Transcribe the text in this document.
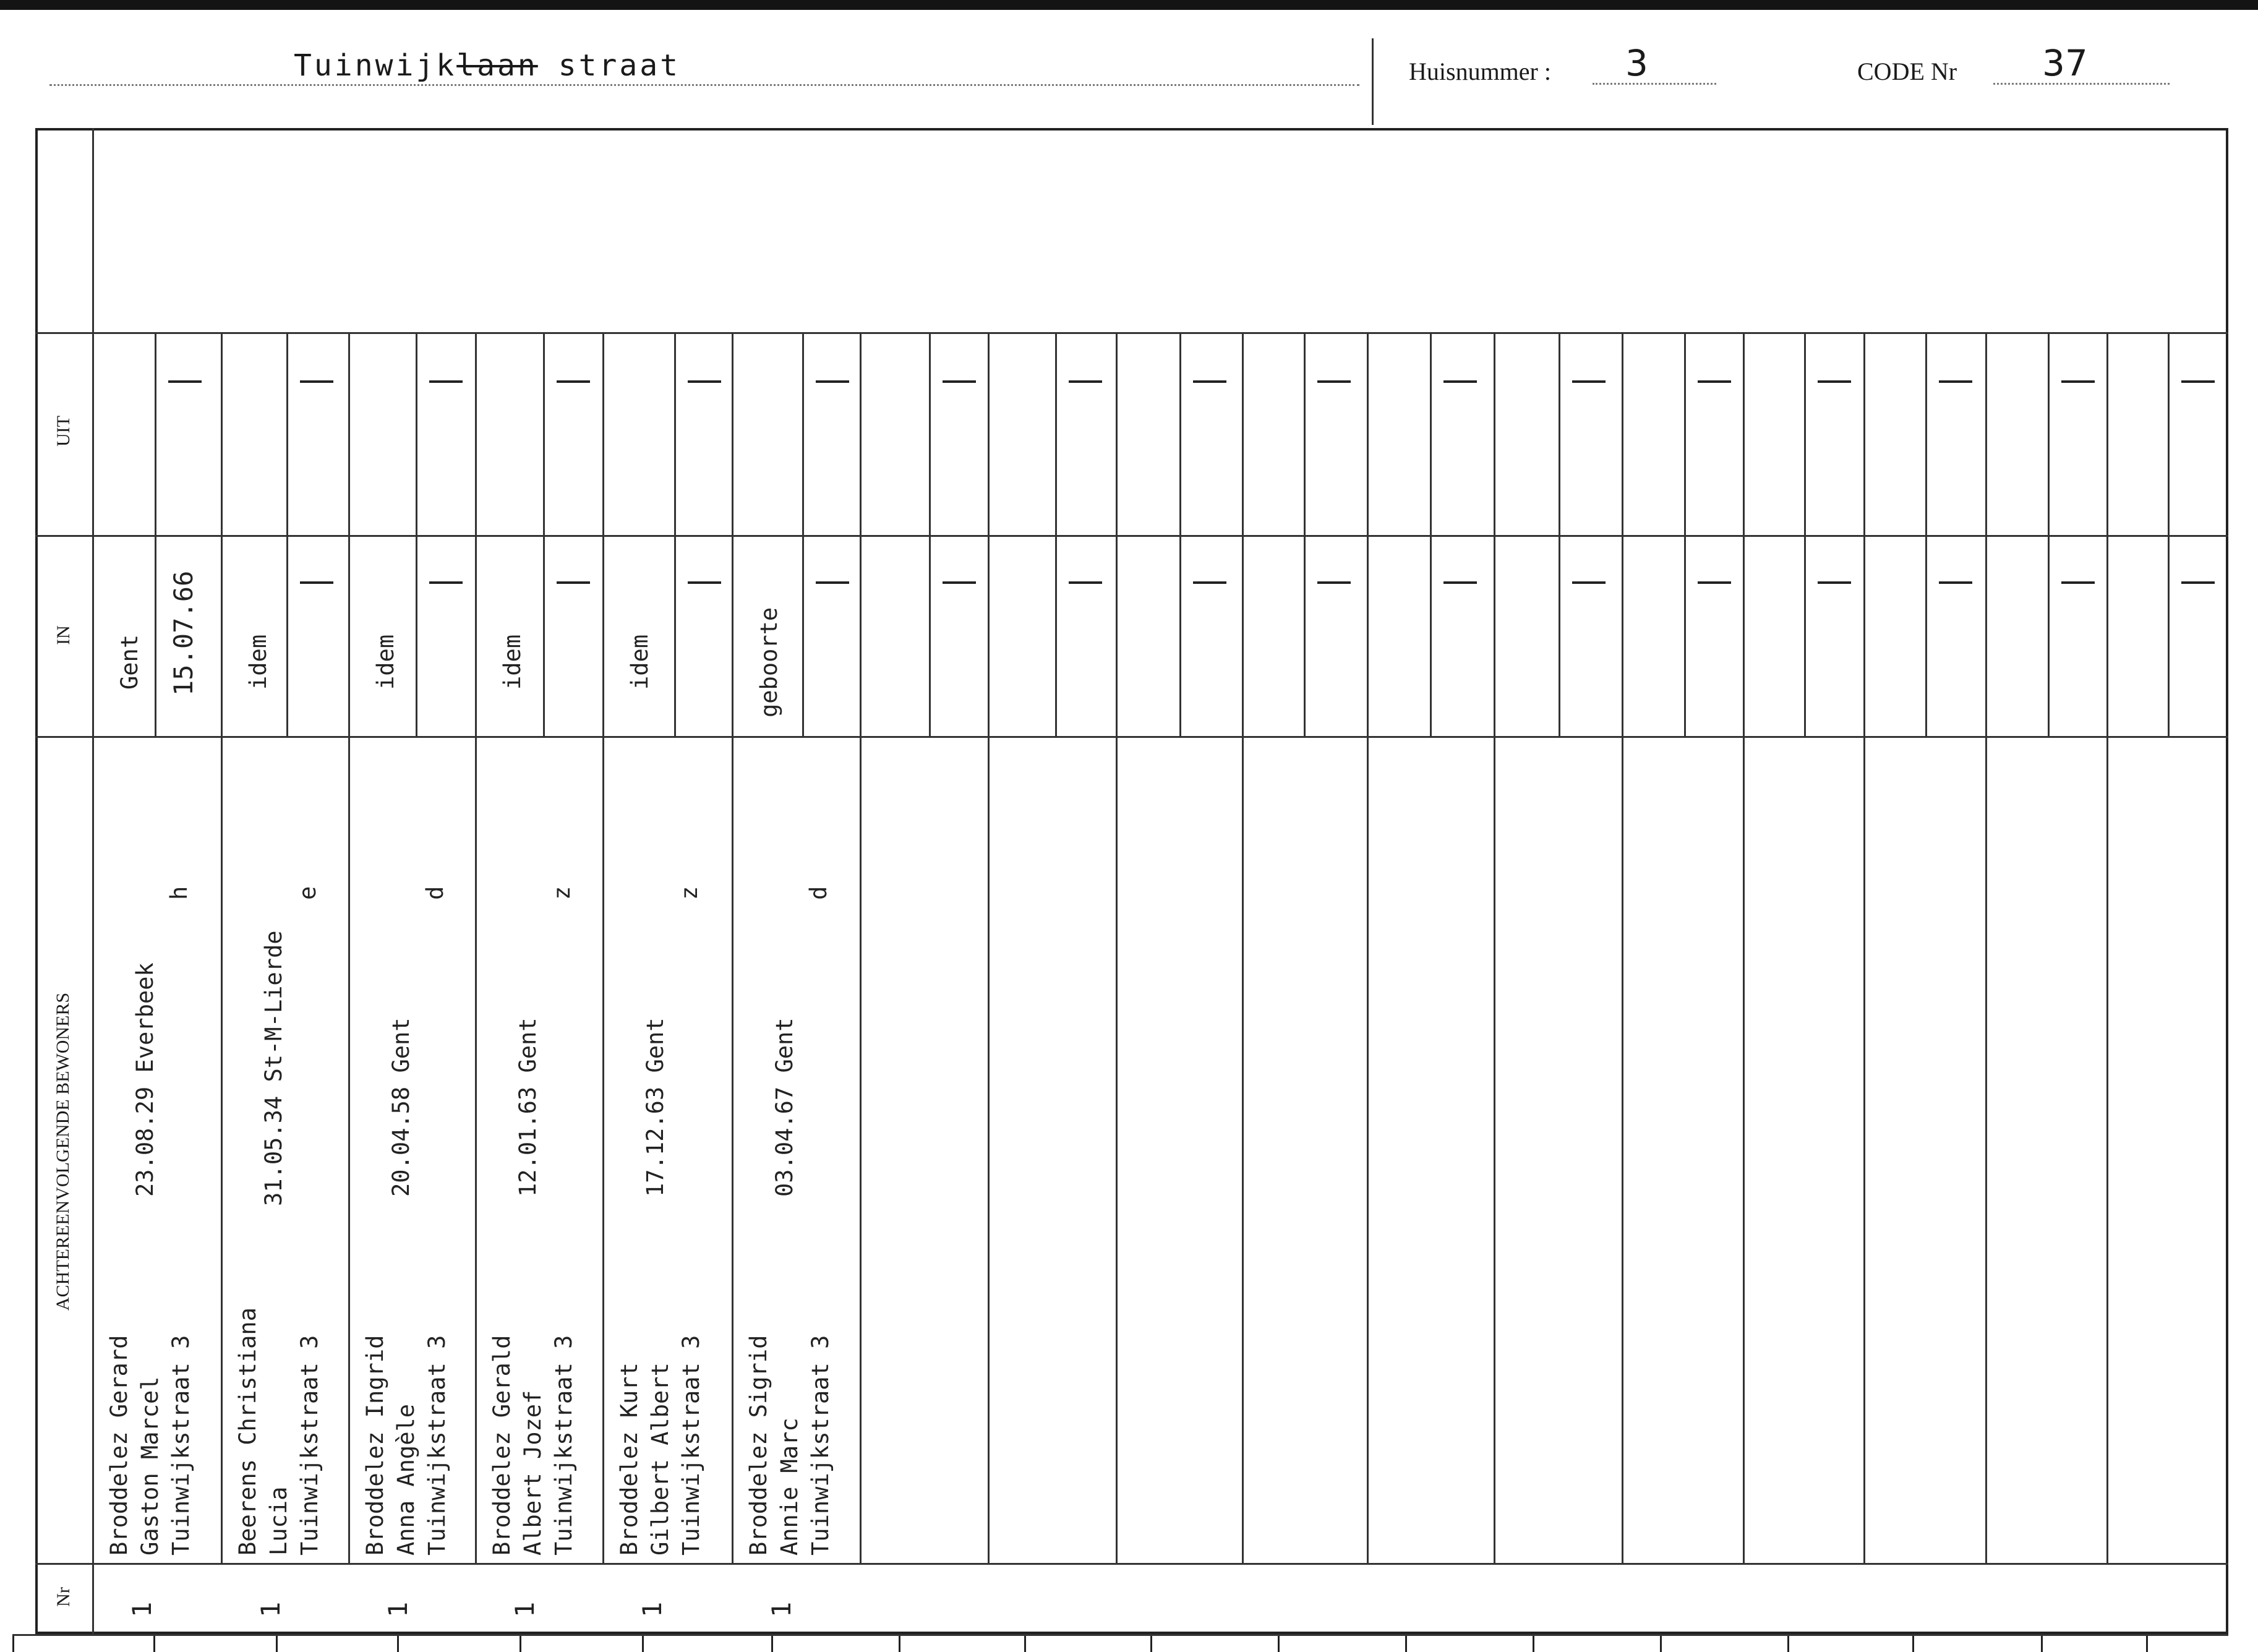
Tuinwijklaan straat	Huisnummer : 3	CODE Nr 37
UIT
IN
ACHTEREENVOLGENDE BEWONERS
Nr
Broddelez Gerard Gaston Marcel Tuinwijkstraat 3
23.08.29 Everbeek
h
Gent 15.07.66
1
Beerens Christiana Lucia Tuinwijkstraat 3
31.05.34 St-M-Lierde
e
idem
1
Broddelez Ingrid Anna Angèle Tuinwijkstraat 3
20.04.58 Gent
d
idem
1
Broddelez Gerald Albert Jozef Tuinwijkstraat 3
12.01.63 Gent
z
idem
1
Broddelez Kurt Gilbert Albert Tuinwijkstraat 3
17.12.63 Gent
z
idem
1
Broddelez Sigrid Annie Marc Tuinwijkstraat 3
03.04.67 Gent
d
geboorte
1
